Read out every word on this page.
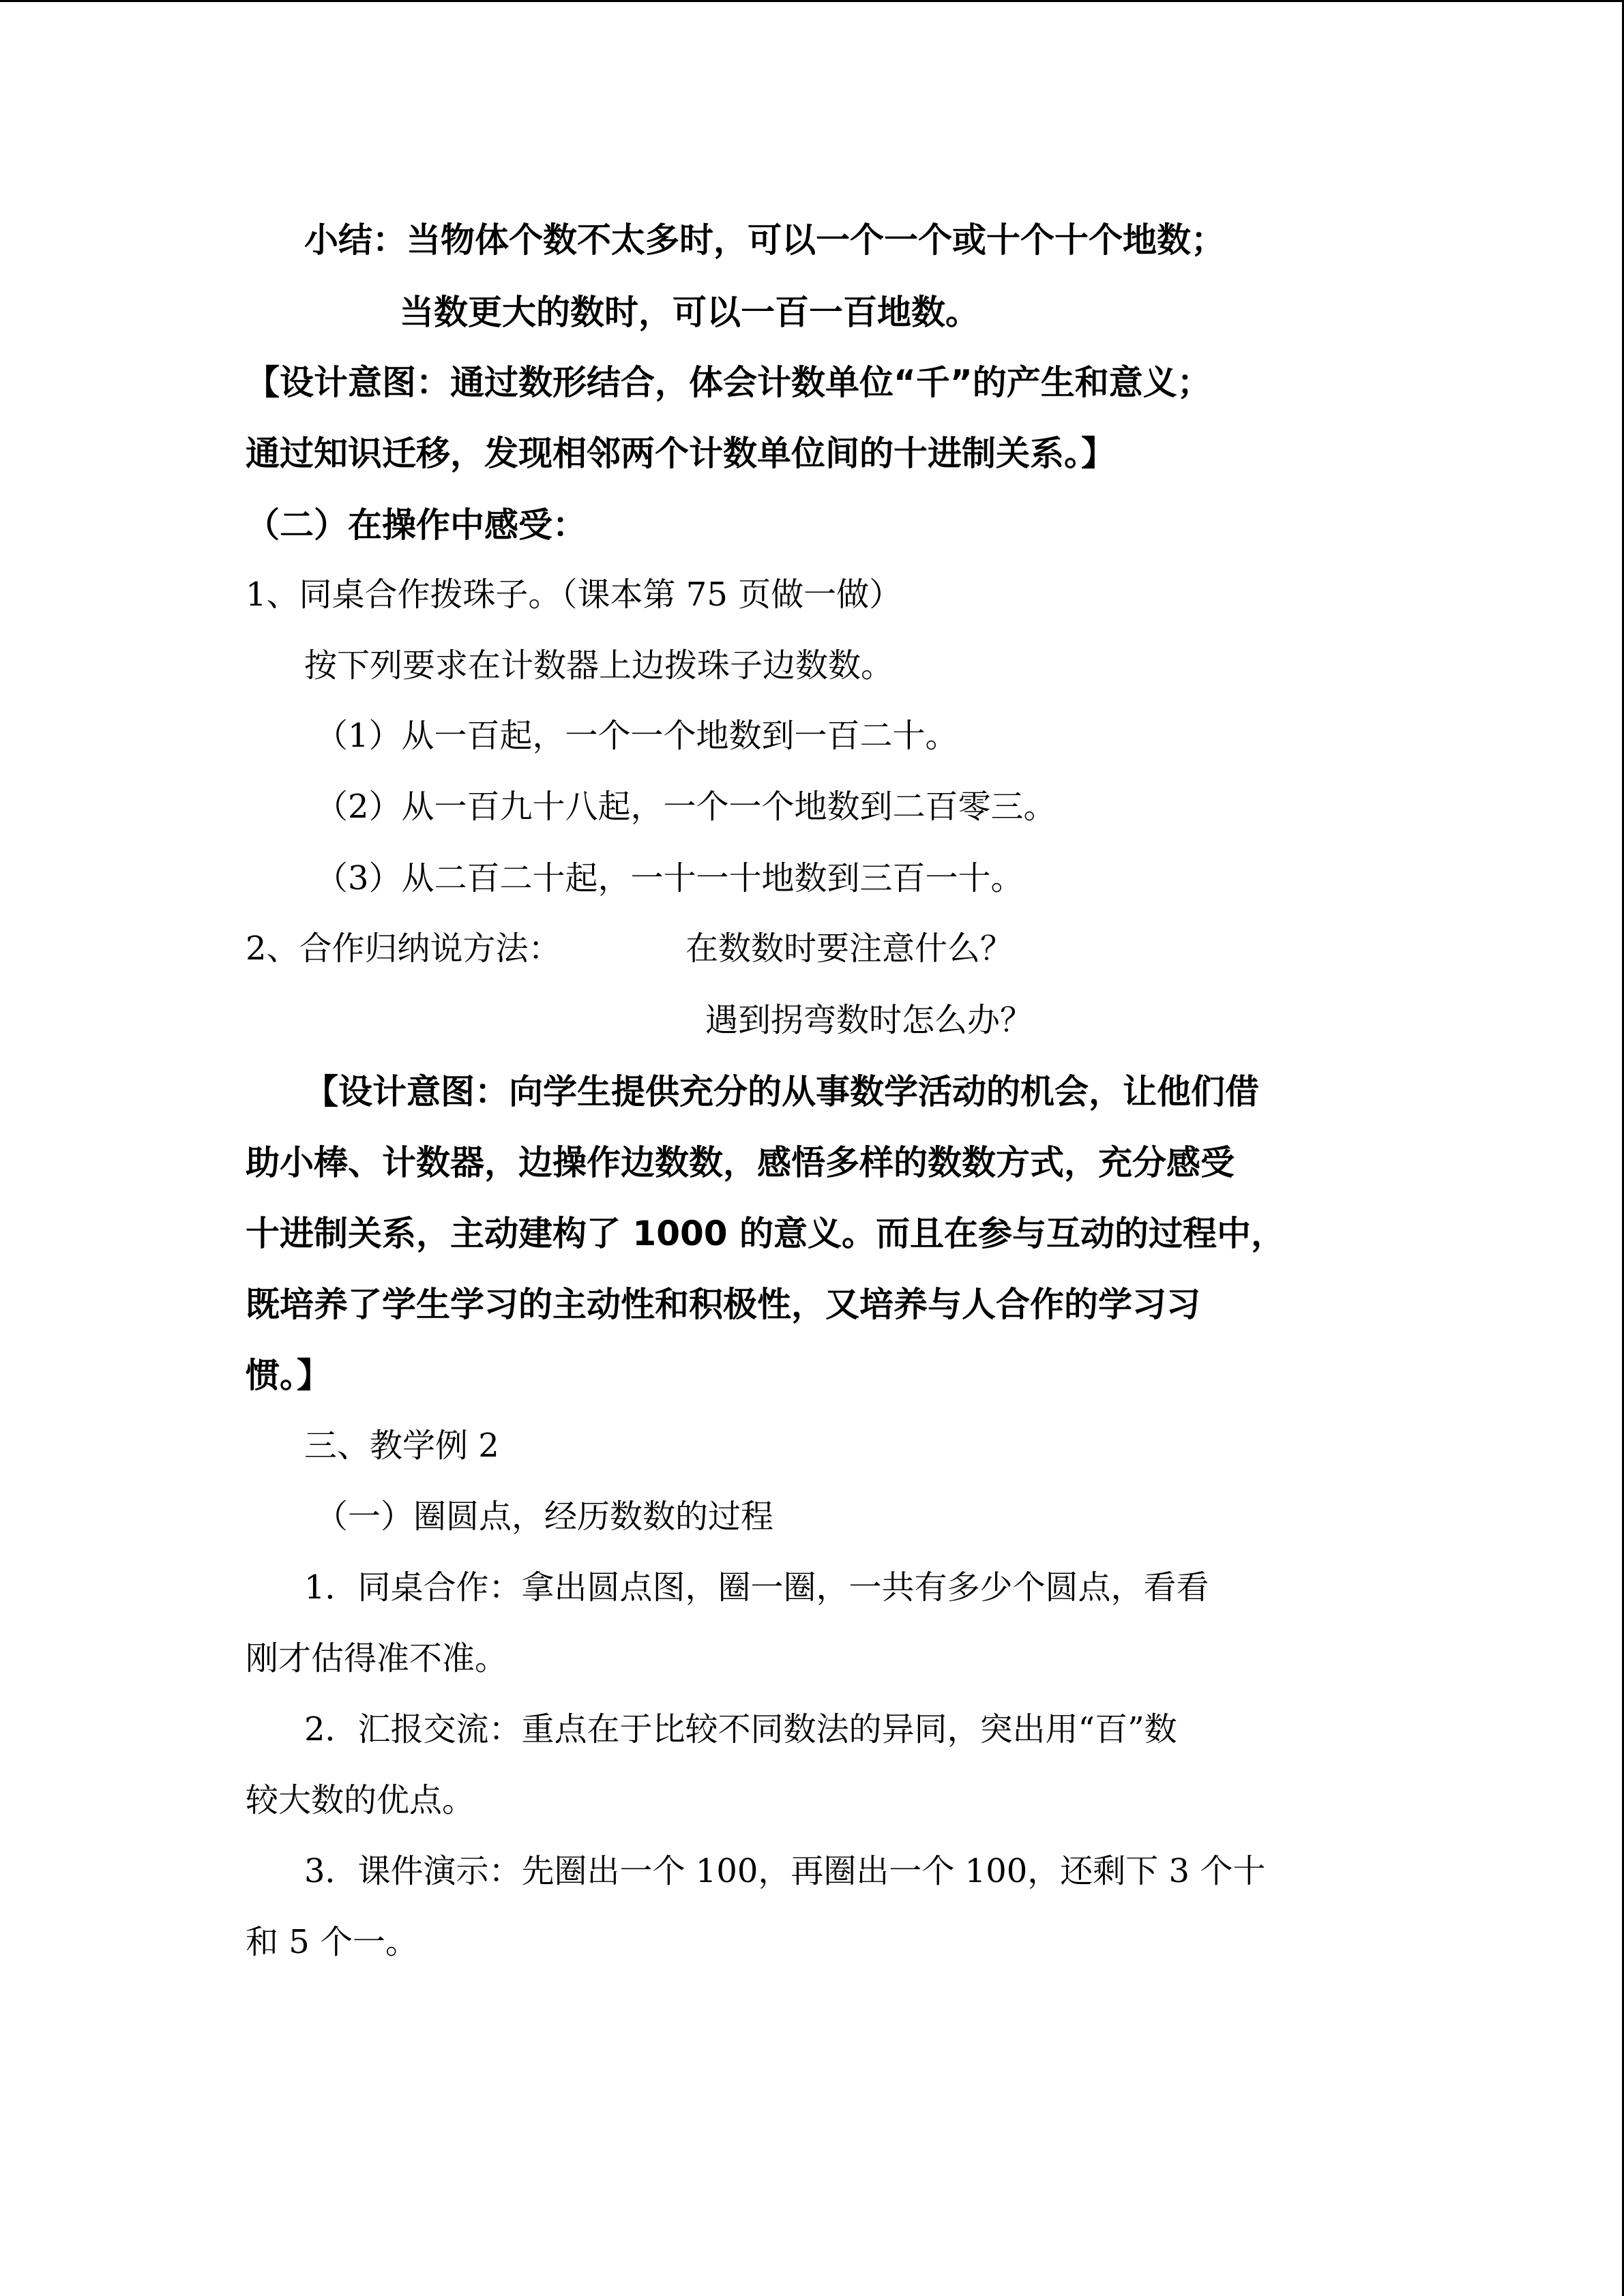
小结：当物体个数不太多时，可以一个一个或十个十个地数；
当数更大的数时，可以一百一百地数。
【设计意图：通过数形结合，体会计数单位“千”的产生和意义；
通过知识迁移，发现相邻两个计数单位间的十进制关系。】
（二）在操作中感受：
1、同桌合作拨珠子。（课本第 75 页做一做）
按下列要求在计数器上边拨珠子边数数。
（1）从一百起，一个一个地数到一百二十。
（2）从一百九十八起，一个一个地数到二百零三。
（3）从二百二十起，一十一十地数到三百一十。
2、合作归纳说方法：	在数数时要注意什么？
遇到拐弯数时怎么办？
【设计意图：向学生提供充分的从事数学活动的机会，让他们借
助小棒、计数器，边操作边数数，感悟多样的数数方式，充分感受
十进制关系，主动建构了 1000 的意义。而且在参与互动的过程中，
既培养了学生学习的主动性和积极性，又培养与人合作的学习习
惯。】
三、教学例 2
（一）圈圆点，经历数数的过程
1．同桌合作：拿出圆点图，圈一圈，一共有多少个圆点，看看
刚才估得准不准。
2．汇报交流：重点在于比较不同数法的异同，突出用“百”数
较大数的优点。
3．课件演示：先圈出一个 100，再圈出一个 100，还剩下 3 个十
和 5 个一。
